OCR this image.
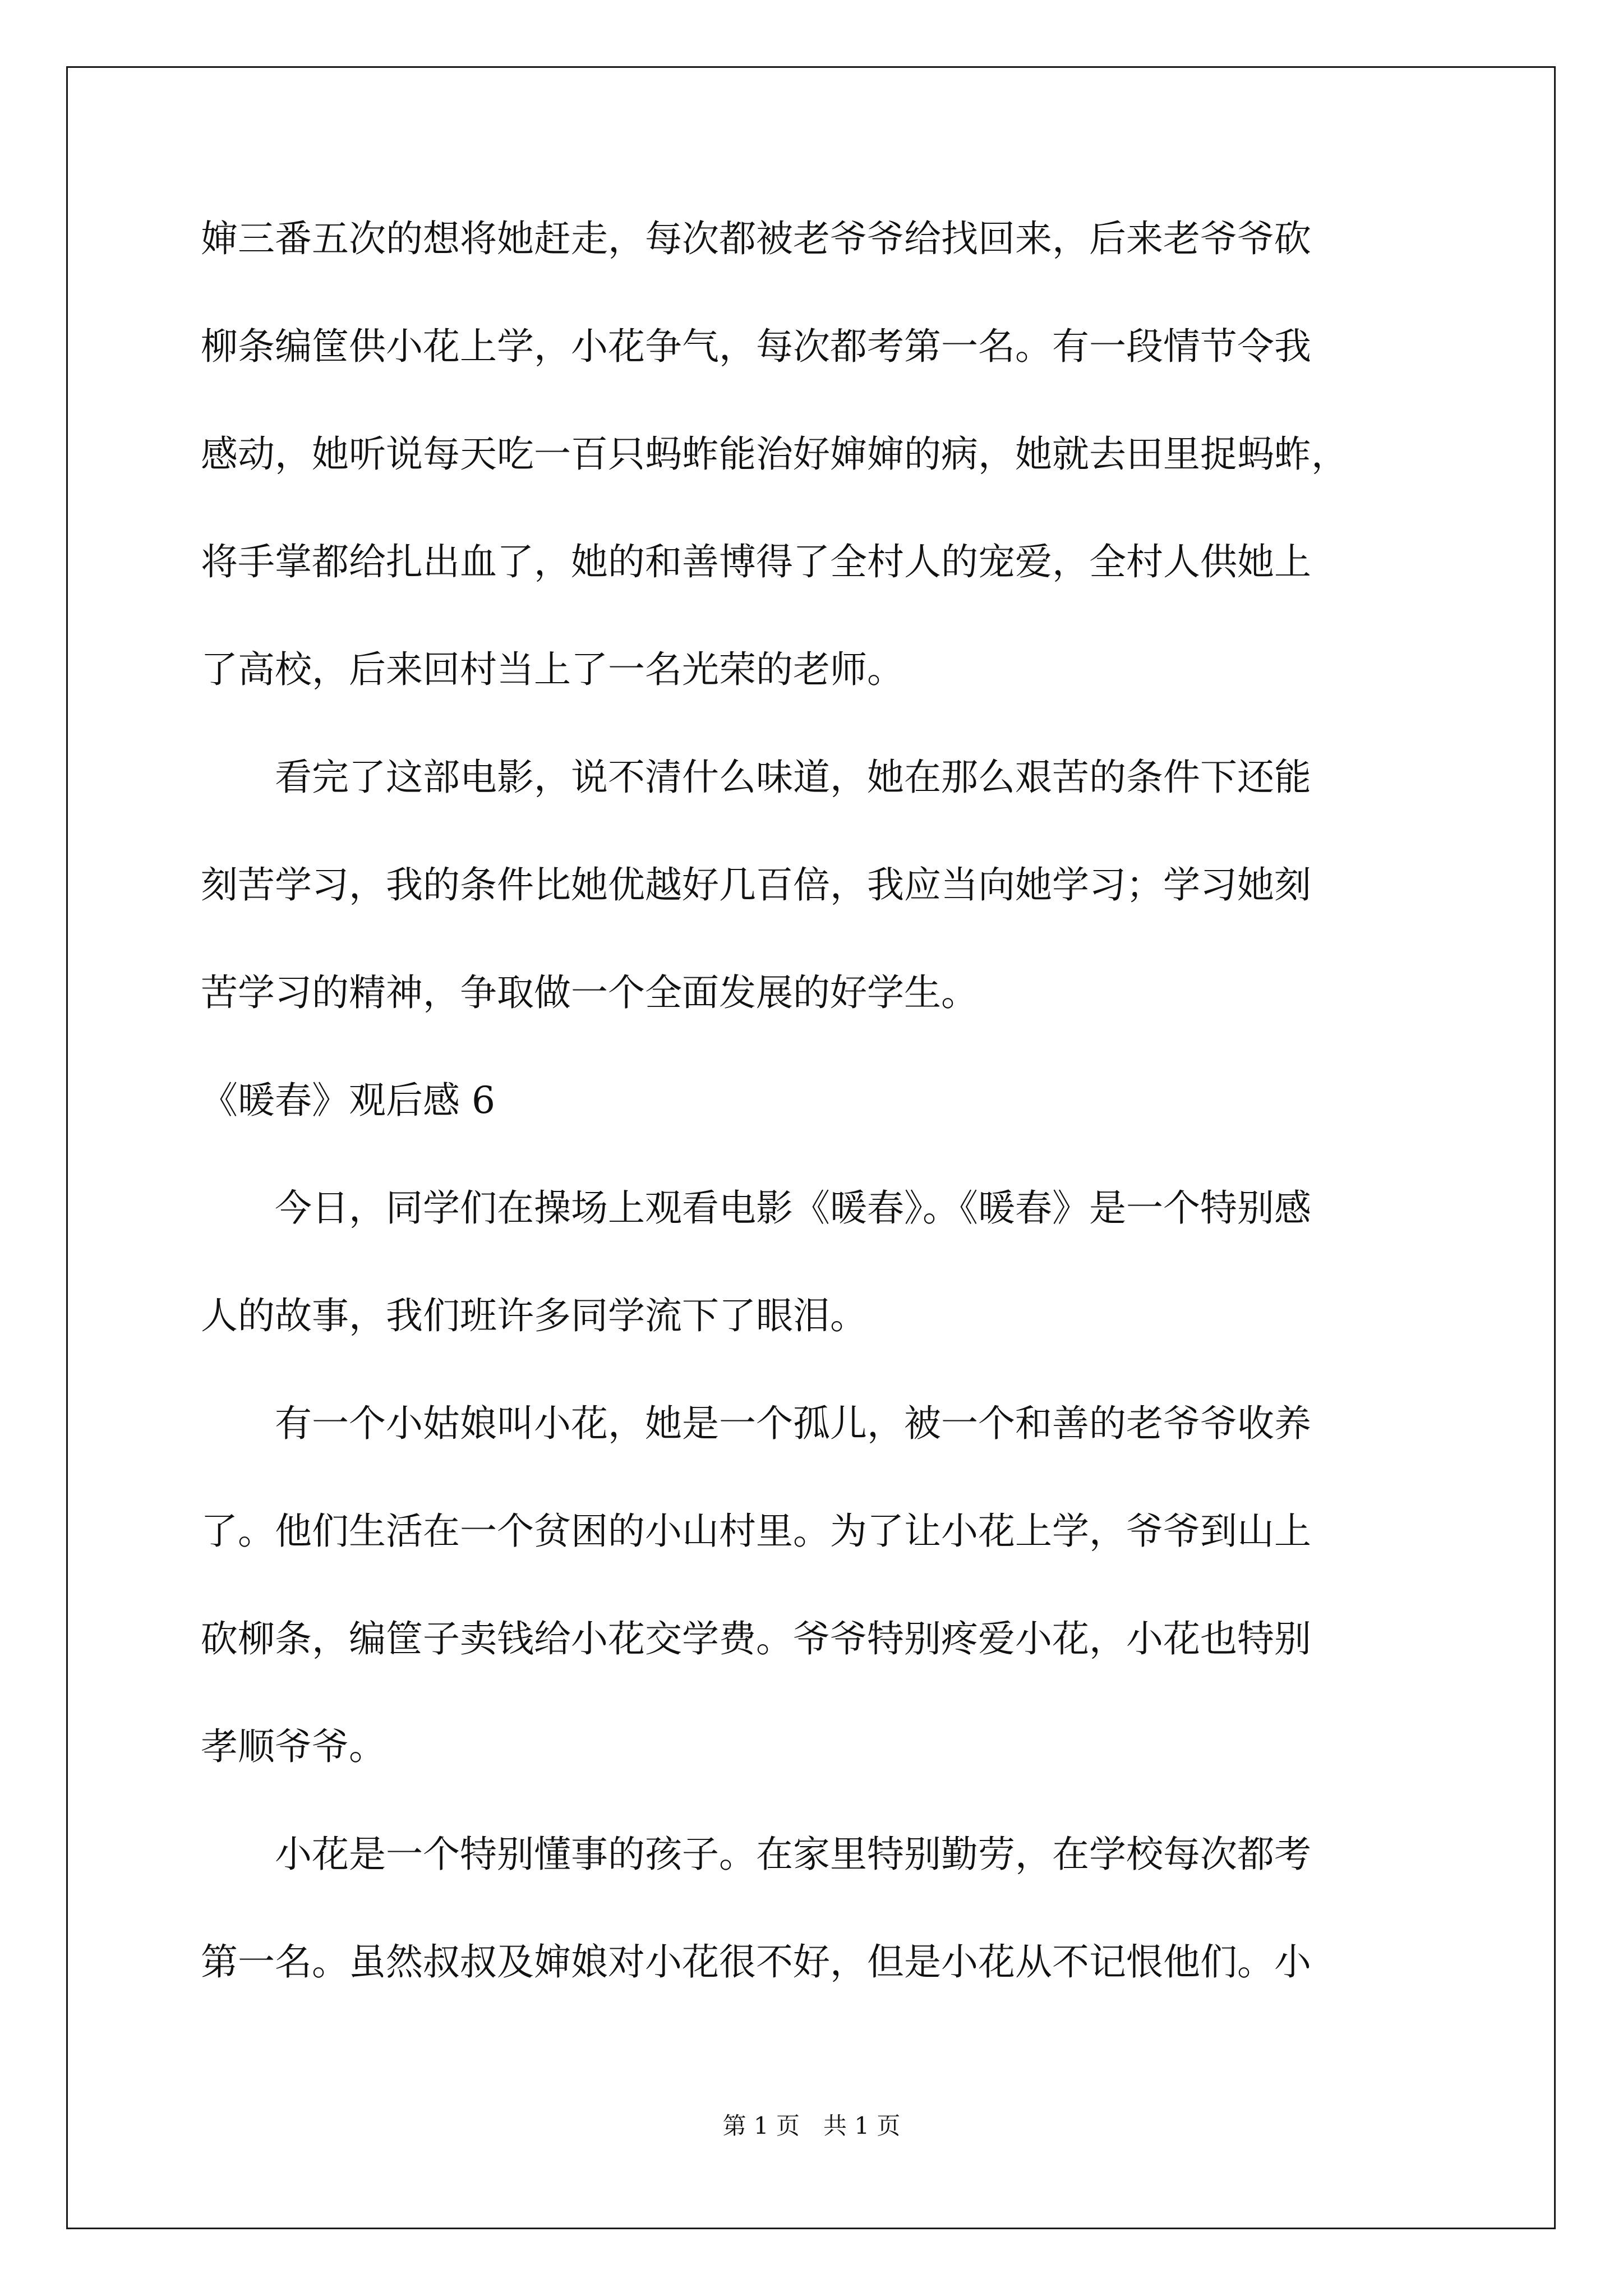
婶三番五次的想将她赶走，每次都被老爷爷给找回来，后来老爷爷砍
柳条编筐供小花上学，小花争气，每次都考第一名。有一段情节令我
感动，她听说每天吃一百只蚂蚱能治好婶婶的病，她就去田里捉蚂蚱，
将手掌都给扎出血了，她的和善博得了全村人的宠爱，全村人供她上
了高校，后来回村当上了一名光荣的老师。
　　看完了这部电影，说不清什么味道，她在那么艰苦的条件下还能
刻苦学习，我的条件比她优越好几百倍，我应当向她学习；学习她刻
苦学习的精神，争取做一个全面发展的好学生。
《暖春》观后感 6
　　今日，同学们在操场上观看电影《暖春》。《暖春》是一个特别感
人的故事，我们班许多同学流下了眼泪。
　　有一个小姑娘叫小花，她是一个孤儿，被一个和善的老爷爷收养
了。他们生活在一个贫困的小山村里。为了让小花上学，爷爷到山上
砍柳条，编筐子卖钱给小花交学费。爷爷特别疼爱小花，小花也特别
孝顺爷爷。
　　小花是一个特别懂事的孩子。在家里特别勤劳，在学校每次都考
第一名。虽然叔叔及婶娘对小花很不好，但是小花从不记恨他们。小
第 1 页　共 1 页
